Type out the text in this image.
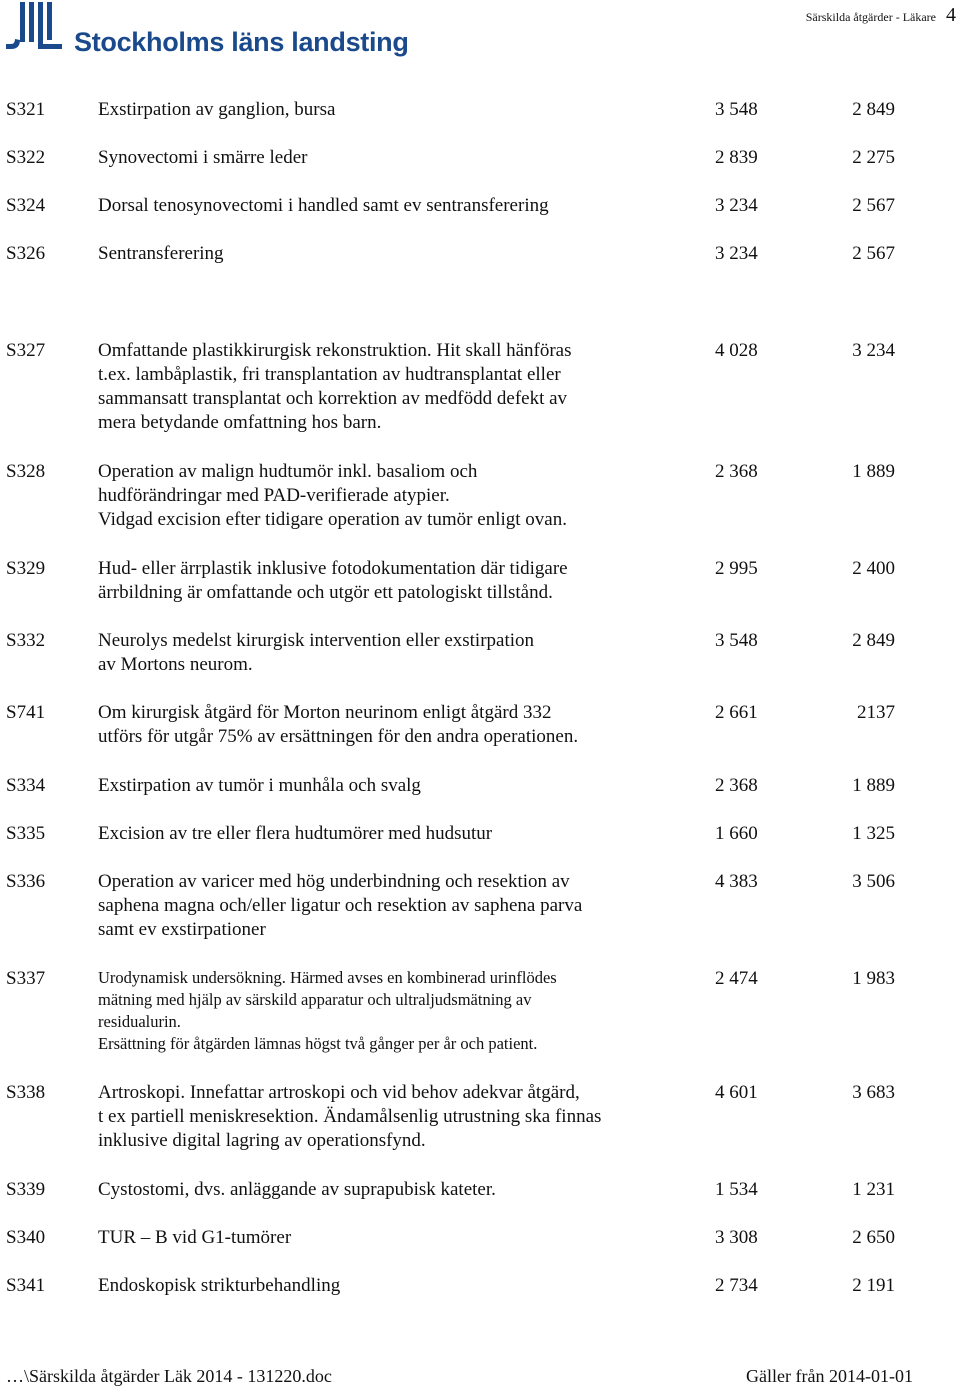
Stockholms läns landsting
Särskilda åtgärder - Läkare 4
S321	Exstirpation av ganglion, bursa	3 548	2 849
S322	Synovectomi i smärre leder	2 839	2 275
S324	Dorsal tenosynovectomi i handled samt ev sentransferering	3 234	2 567
S326	Sentransferering	3 234	2 567
S327	Omfattande plastikkirurgisk rekonstruktion. Hit skall hänföras
t.ex. lambåplastik, fri transplantation av hudtransplantat eller
sammansatt transplantat och korrektion av medfödd defekt av
mera betydande omfattning hos barn.
4 028	3 234
S328	Operation av malign hudtumör inkl. basaliom och
hudförändringar med PAD-verifierade atypier.
Vidgad excision efter tidigare operation av tumör enligt ovan.
2 368	1 889
S329	Hud- eller ärrplastik inklusive fotodokumentation där tidigare
ärrbildning är omfattande och utgör ett patologiskt tillstånd.
2 995	2 400
S332	Neurolys medelst kirurgisk intervention eller exstirpation
av Mortons neurom.
3 548	2 849
S741	Om kirurgisk åtgärd för Morton neurinom enligt åtgärd 332
utförs för utgår 75% av ersättningen för den andra operationen.
2 661	2137
S334	Exstirpation av tumör i munhåla och svalg	2 368	1 889
S335	Excision av tre eller flera hudtumörer med hudsutur	1 660	1 325
S336	Operation av varicer med hög underbindning och resektion av
saphena magna och/eller ligatur och resektion av saphena parva
samt ev exstirpationer
4 383	3 506
S337	Urodynamisk undersökning. Härmed avses en kombinerad urinflödes
mätning med hjälp av särskild apparatur och ultraljudsmätning av
residualurin.
Ersättning för åtgärden lämnas högst två gånger per år och patient.
2 474	1 983
S338	Artroskopi. Innefattar artroskopi och vid behov adekvar åtgärd,
t ex partiell meniskresektion. Ändamålsenlig utrustning ska finnas
inklusive digital lagring av operationsfynd.
4 601	3 683
S339	Cystostomi, dvs. anläggande av suprapubisk kateter.	1 534	1 231
S340	TUR – B vid G1-tumörer	3 308	2 650
S341	Endoskopisk strikturbehandling	2 734	2 191
…\Särskilda åtgärder Läk 2014 - 131220.doc	Gäller från 2014-01-01
